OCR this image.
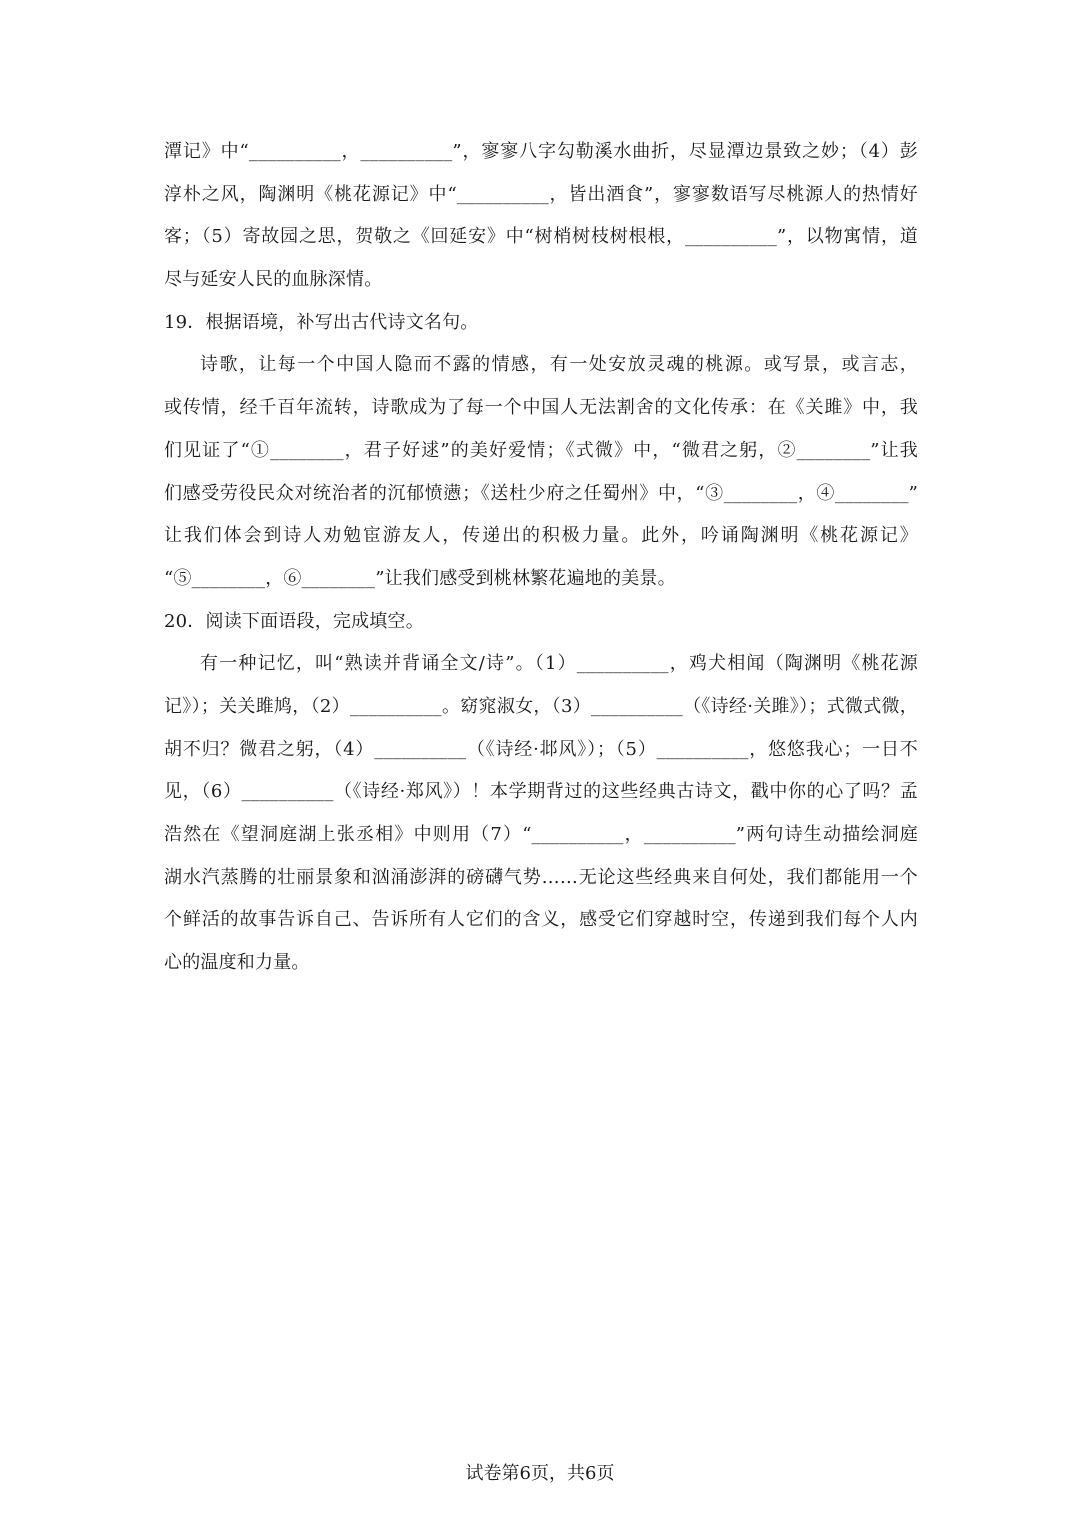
潭记》中“__________，__________”，寥寥八字勾勒溪水曲折，尽显潭边景致之妙；（4）彭
淳朴之风，陶渊明《桃花源记》中“__________，皆出酒食”，寥寥数语写尽桃源人的热情好
客；（5）寄故园之思，贺敬之《回延安》中“树梢树枝树根根，__________”，以物寓情，道
尽与延安人民的血脉深情。
19．根据语境，补写出古代诗文名句。
诗歌，让每一个中国人隐而不露的情感，有一处安放灵魂的桃源。或写景，或言志，
或传情，经千百年流转，诗歌成为了每一个中国人无法割舍的文化传承：在《关雎》中，我
们见证了“①________，君子好逑”的美好爱情；《式微》中，“微君之躬，②________”让我
们感受劳役民众对统治者的沉郁愤懑；《送杜少府之任蜀州》中，“③________，④________”
让我们体会到诗人劝勉宦游友人，传递出的积极力量。此外，吟诵陶渊明《桃花源记》
“⑤________，⑥________”让我们感受到桃林繁花遍地的美景。
20．阅读下面语段，完成填空。
有一种记忆，叫“熟读并背诵全文/诗”。（1）__________，鸡犬相闻（陶渊明《桃花源
记》）；关关雎鸠，（2）__________。窈窕淑女，（3）__________（《诗经·关雎》）；式微式微，
胡不归？微君之躬，（4）__________（《诗经·邶风》）；（5）__________，悠悠我心；一日不
见，（6）__________（《诗经·郑风》）！本学期背过的这些经典古诗文，戳中你的心了吗？孟
浩然在《望洞庭湖上张丞相》中则用（7）“__________，__________”两句诗生动描绘洞庭
湖水汽蒸腾的壮丽景象和汹涌澎湃的磅礴气势……无论这些经典来自何处，我们都能用一个
个鲜活的故事告诉自己、告诉所有人它们的含义，感受它们穿越时空，传递到我们每个人内
心的温度和力量。
试卷第6页，共6页
